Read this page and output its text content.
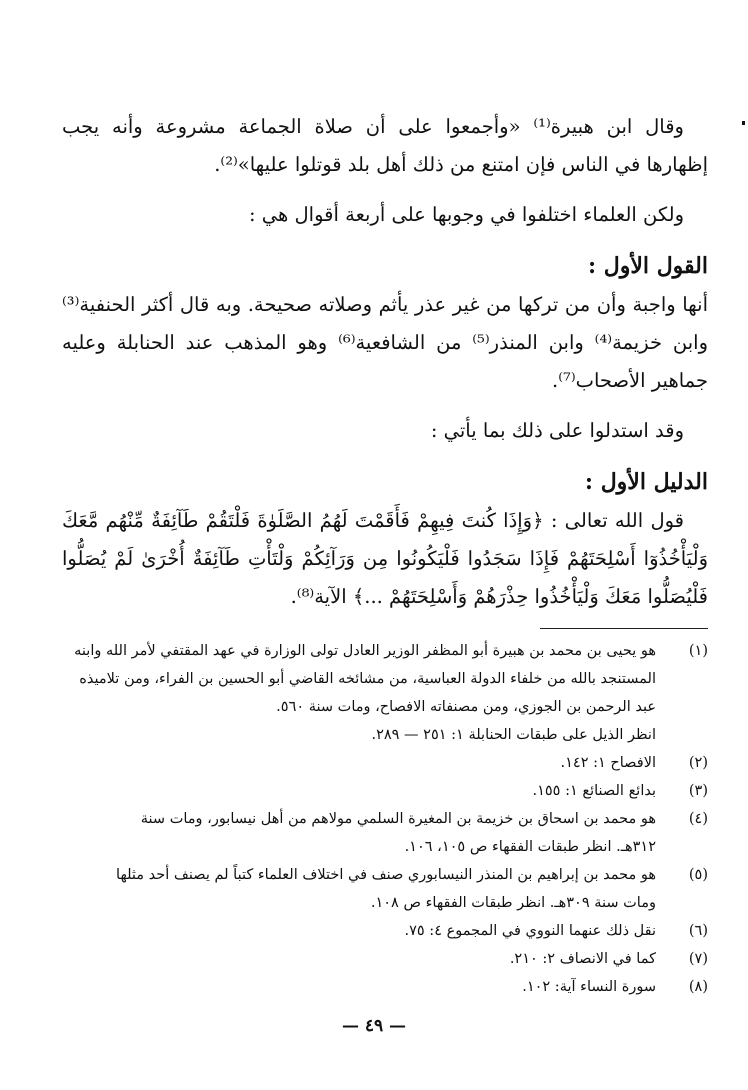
وقال ابن هبيرة⁽¹⁾ «وأجمعوا على أن صلاة الجماعة مشروعة وأنه يجب إظهارها في الناس فإن امتنع من ذلك أهل بلد قوتلوا عليها»⁽²⁾.

ولكن العلماء اختلفوا في وجوبها على أربعة أقوال هي :

القول الأول :

أنها واجبة وأن من تركها من غير عذر يأثم وصلاته صحيحة. وبه قال أكثر الحنفية⁽³⁾ وابن خزيمة⁽⁴⁾ وابن المنذر⁽⁵⁾ من الشافعية⁽⁶⁾ وهو المذهب عند الحنابلة وعليه جماهير الأصحاب⁽⁷⁾.

وقد استدلوا على ذلك بما يأتي :

الدليل الأول :

قول الله تعالى : ﴿وَإِذَا كُنتَ فِيهِمْ فَأَقَمْتَ لَهُمُ الصَّلَوٰةَ فَلْتَقُمْ طَآئِفَةٌ مِّنْهُم مَّعَكَ وَلْيَأْخُذُوٓا أَسْلِحَتَهُمْ فَإِذَا سَجَدُوا فَلْيَكُونُوا مِن وَرَآئِكُمْ وَلْتَأْتِ طَآئِفَةٌ أُخْرَىٰ لَمْ يُصَلُّوا فَلْيُصَلُّوا مَعَكَ وَلْيَأْخُذُوا حِذْرَهُمْ وَأَسْلِحَتَهُمْ ...﴾ الآية⁽⁸⁾.

(١)
هو يحيى بن محمد بن هبيرة أبو المظفر الوزير العادل تولى الوزارة في عهد المقتفي لأمر الله وابنه
المستنجد بالله من خلفاء الدولة العباسية، من مشائخه القاضي أبو الحسين بن الفراء، ومن تلاميذه
عبد الرحمن بن الجوزي، ومن مصنفاته الافصاح، ومات سنة ٥٦٠.
انظر الذيل على طبقات الحنابلة ١: ٢٥١ — ٢٨٩.
(٢)
الافصاح ١: ١٤٢.
(٣)
بدائع الصنائع ١: ١٥٥.
(٤)
هو محمد بن اسحاق بن خزيمة بن المغيرة السلمي مولاهم من أهل نيسابور، ومات سنة
٣١٢هـ. انظر طبقات الفقهاء ص ١٠٥، ١٠٦.
(٥)
هو محمد بن إبراهيم بن المنذر النيسابوري صنف في اختلاف العلماء كتباً لم يصنف أحد مثلها
ومات سنة ٣٠٩هـ. انظر طبقات الفقهاء ص ١٠٨.
(٦)
نقل ذلك عنهما النووي في المجموع ٤: ٧٥.
(٧)
كما في الانصاف ٢: ٢١٠.
(٨)
سورة النساء آية: ١٠٢.
— ٤٩ —
